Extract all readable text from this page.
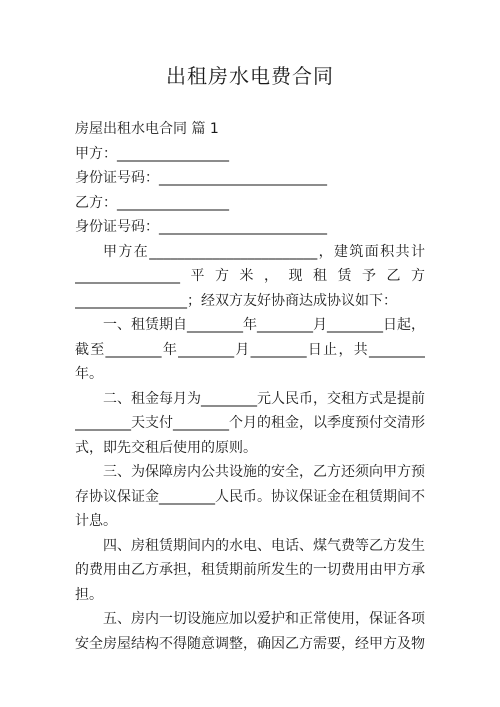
出租房水电费合同
房屋出租水电合同 篇 1
甲方：________________
身份证号码：________________________
乙方：________________
身份证号码：________________________
甲方在________________________，建筑面积共计
_______________平方米，现租赁予乙方
________________；经双方友好协商达成协议如下：
一、租赁期自________年________月________日起，
截至________年________月________日止，共________
年。
二、租金每月为________元人民币，交租方式是提前
________天支付________个月的租金，以季度预付交清形
式，即先交租后使用的原则。
三、为保障房内公共设施的安全，乙方还须向甲方预
存协议保证金________人民币。协议保证金在租赁期间不
计息。
四、房租赁期间内的水电、电话、煤气费等乙方发生
的费用由乙方承担，租赁期前所发生的一切费用由甲方承
担。
五、房内一切设施应加以爱护和正常使用，保证各项
安全房屋结构不得随意调整，确因乙方需要，经甲方及物
